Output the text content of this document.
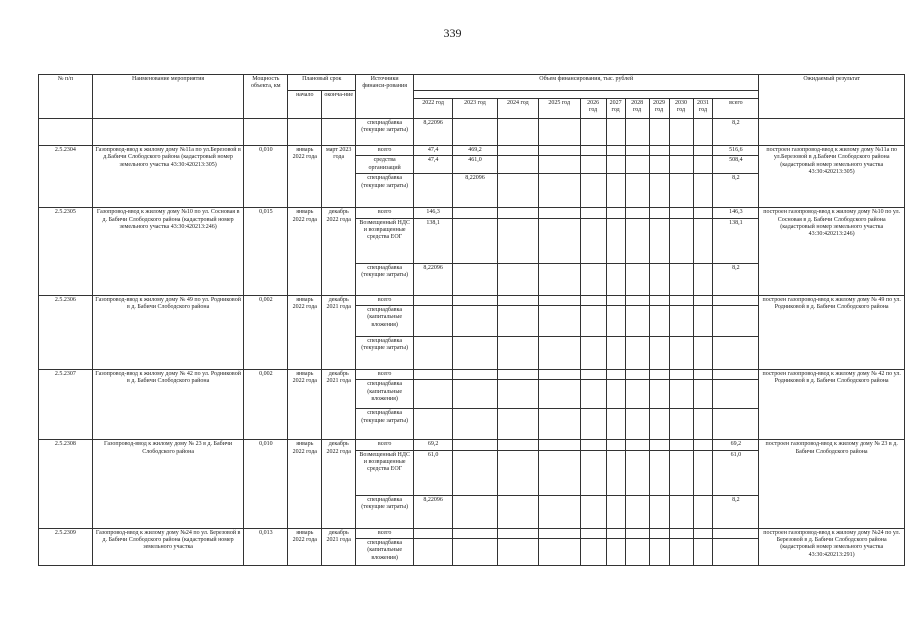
339
№ п/п	Наименование мероприятия	Мощность объекта, км	Плановый срок		Источники финанси-рования	Объем финансирования, тыс. рублей											Ожидаемый результат
			начало	оконча-ние													
						2022 год	2023 год	2024 год	2025 год	2026 год	2027 год	2028 год	2029 год	2030 год	2031 год	всего	
					спецнадбавка (текущие затраты)	8,22096										8,2	
2.5.2304	Газопровод-ввод к жилому дому №11а по ул.Березовой в д.Бабичи Слободского района (кадастровый номер земельного участка 43:30:420213:305)	0,010	январь 2022 года	март 2023 года	всего	47,4	469,2									516,6	построен газопровод-ввод к жилому дому №11а по ул.Березовой в д.Бабичи Слободского района (кадастровый номер земельного участка 43:30:420213:305)
					средства организаций	47,4	461,0									508,4	
					спецнадбавка (текущие затраты)		8,22096									8,2	
2.5.2305	Газопровод-ввод к жилому дому №10 по ул. Сосновая в д. Бабичи Слободского района (кадастровый номер земельного участка 43:30:420213:246)	0,015	январь 2022 года	декабрь 2022 года	всего	146,3										146,3	построен газопровод-ввод к жилому дому №10 по ул. Сосновая в д. Бабичи Слободского района (кадастровый номер земельного участка 43:30:420213:246)
					Возмещенный НДС и возвращенные средства ЕОГ	138,1										138,1	
					спецнадбавка (текущие затраты)	8,22096										8,2	
2.5.2306	Газопровод-ввод к жилому дому № 49 по ул. Родниковой в д. Бабичи Слободского района	0,002	январь 2022 года	декабрь 2021 года	всего												построен газопровод-ввод к жилому дому № 49 по ул. Родниковой в д. Бабичи Слободского района
					спецнадбавка (капитальные вложения)												
					спецнадбавка (текущие затраты)												
2.5.2307	Газопровод-ввод к жилому дому № 42 по ул. Родниковой в д. Бабичи Слободского района	0,002	январь 2022 года	декабрь 2021 года	всего												построен газопровод-ввод к жилому дому № 42 по ул. Родниковой в д. Бабичи Слободского района
					спецнадбавка (капитальные вложения)												
					спецнадбавка (текущие затраты)												
2.5.2308	Газопровод-ввод к жилому дому № 23 в д. Бабичи Слободского района	0,010	январь 2022 года	декабрь 2022 года	всего	69,2										69,2	построен газопровод-ввод к жилому дому № 23 в д. Бабичи Слободского района
					Возмещенный НДС и возвращенные средства ЕОГ	61,0										61,0	
					спецнадбавка (текущие затраты)	8,22096										8,2	
2.5.2309	Газопровод-ввод к жилому дому №24 по ул. Березовой в д. Бабичи Слободского района (кадастровый номер земельного участка	0,013	январь 2022 года	декабрь 2021 года	всего												построен газопровод-ввод к жилому дому №24 по ул. Березовой в д. Бабичи Слободского района (кадастровый номер земельного участка 43:30:420213:291)
					спецнадбавка (капитальные вложения)												
